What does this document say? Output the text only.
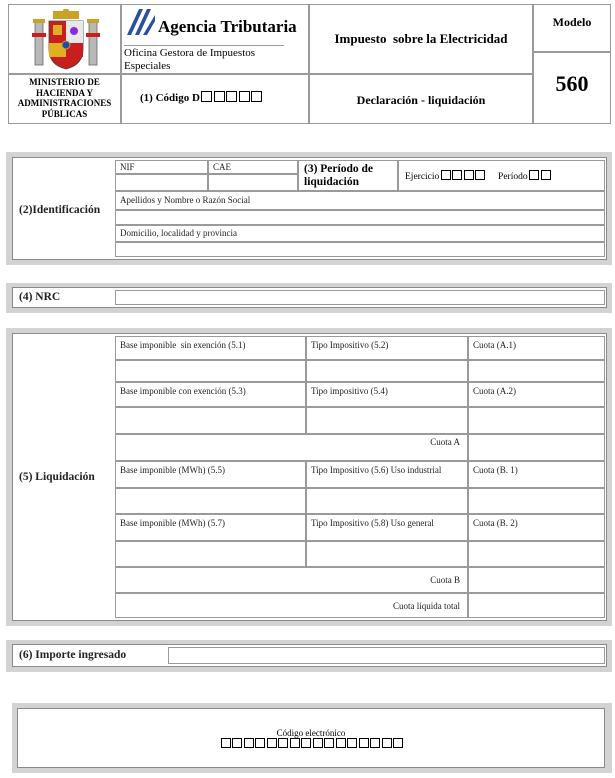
MINISTERIO DE HACIENDA Y ADMINISTRACIONES PÚBLICAS
Agencia Tributaria
Oficina Gestora de Impuestos Especiales
Impuesto  sobre la Electricidad
Modelo
560
(1) Código D	Declaración - liquidación
(2)Identificación
NIF	CAE	(3) Período de liquidación	Ejercicio	Período
Apellidos y Nombre o Razón Social
Domicilio, localidad y provincia
(4) NRC
(5) Liquidación
Base imponible  sin exención (5.1)	Tipo Impositivo (5.2)	Cuota (A.1)
Base imponible con exención (5.3)	Tipo impositivo (5.4)	Cuota (A.2)
Cuota A
Base imponible (MWh) (5.5)	Tipo Impositivo (5.6) Uso industrial	Cuota (B. 1)
Base imponible (MWh) (5.7)	Tipo Impositivo (5.8) Uso general	Cuota (B. 2)
Cuota B
Cuota líquida total
(6) Importe ingresado
Código electrónico
